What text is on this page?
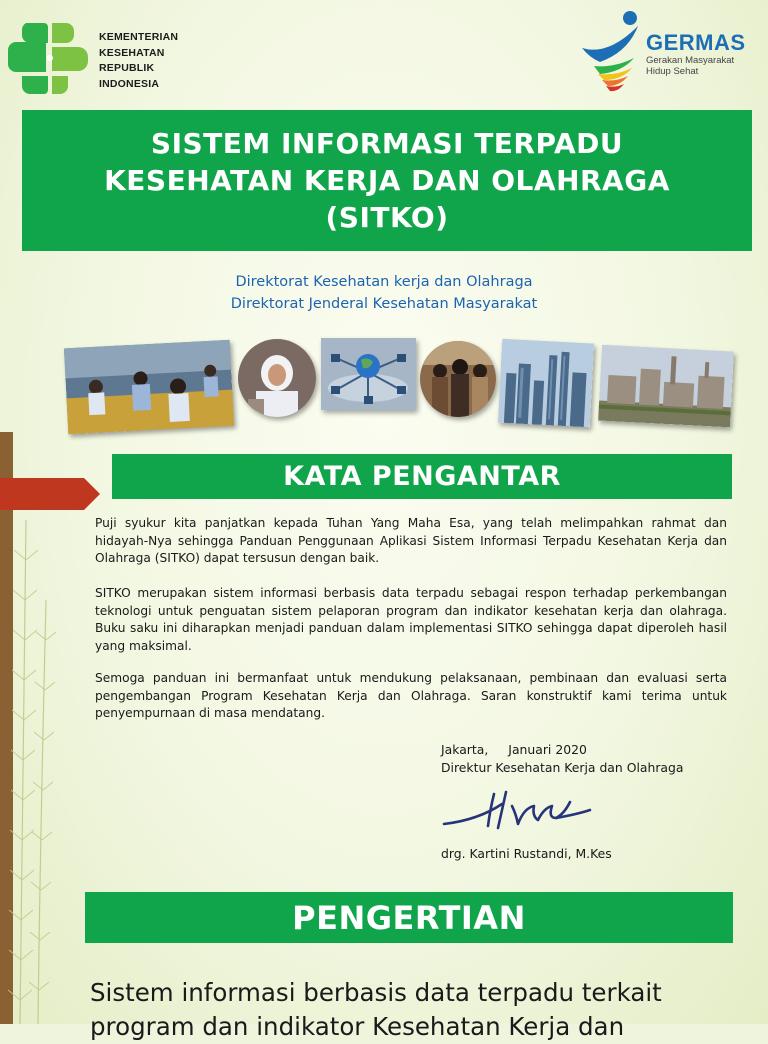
KEMENTERIAN
KESEHATAN
REPUBLIK
INDONESIA
GERMAS
Gerakan Masyarakat
Hidup Sehat
SISTEM INFORMASI TERPADU
KESEHATAN KERJA DAN OLAHRAGA
(SITKO)
Direktorat Kesehatan kerja dan Olahraga
Direktorat Jenderal Kesehatan Masyarakat
KATA PENGANTAR
Puji syukur kita panjatkan kepada Tuhan Yang Maha Esa, yang telah melimpahkan rahmat dan hidayah-Nya sehingga Panduan Penggunaan Aplikasi Sistem Informasi Terpadu Kesehatan Kerja dan Olahraga (SITKO) dapat tersusun dengan baik.
SITKO merupakan sistem informasi berbasis data terpadu sebagai respon terhadap perkembangan teknologi untuk penguatan sistem pelaporan program dan indikator kesehatan kerja dan olahraga. Buku saku ini diharapkan menjadi panduan dalam implementasi SITKO sehingga dapat diperoleh hasil yang maksimal.
Semoga panduan ini bermanfaat untuk mendukung pelaksanaan, pembinaan dan evaluasi serta pengembangan Program Kesehatan Kerja dan Olahraga. Saran konstruktif kami terima untuk penyempurnaan di masa mendatang.
Jakarta, Januari 2020
Direktur Kesehatan Kerja dan Olahraga
drg. Kartini Rustandi, M.Kes
PENGERTIAN
Sistem informasi berbasis data terpadu terkait
program dan indikator Kesehatan Kerja dan
